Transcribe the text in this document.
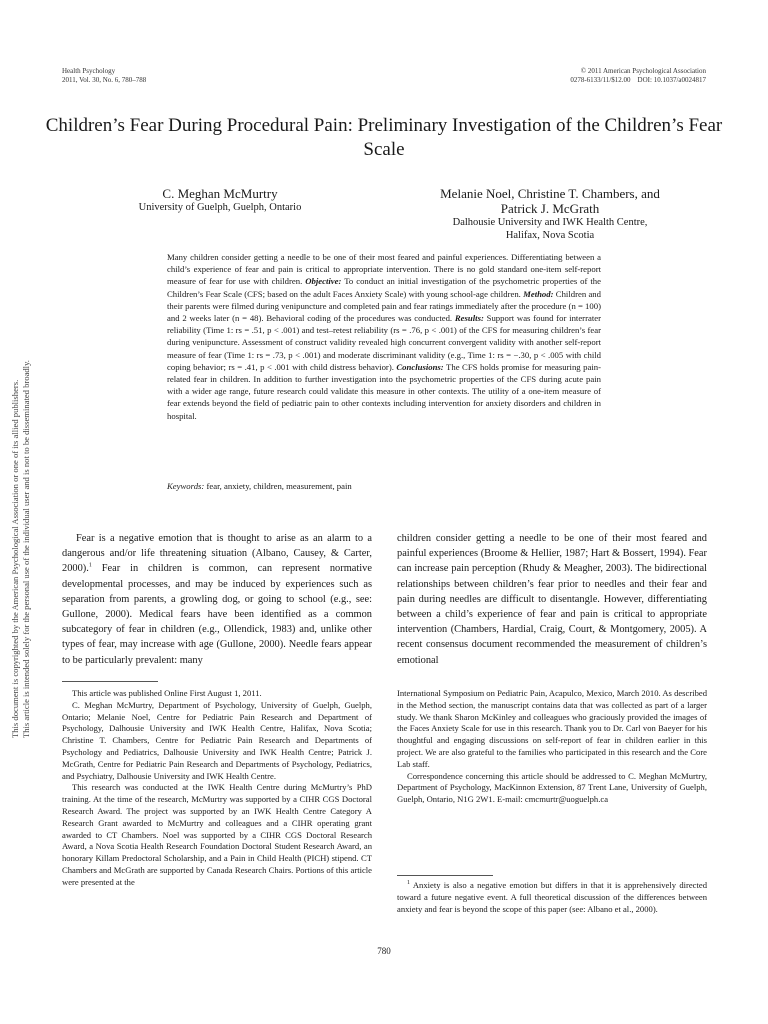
Health Psychology
2011, Vol. 30, No. 6, 780–788
© 2011 American Psychological Association
0278-6133/11/$12.00    DOI: 10.1037/a0024817
Children’s Fear During Procedural Pain: Preliminary Investigation of the Children’s Fear Scale
C. Meghan McMurtry
University of Guelph, Guelph, Ontario
Melanie Noel, Christine T. Chambers, and
Patrick J. McGrath
Dalhousie University and IWK Health Centre,
Halifax, Nova Scotia

Many children consider getting a needle to be one of their most feared and painful experiences. Differentiating between a child’s experience of fear and pain is critical to appropriate intervention. There is no gold standard one-item self-report measure of fear for use with children. Objective: To conduct an initial investigation of the psychometric properties of the Children’s Fear Scale (CFS; based on the adult Faces Anxiety Scale) with young school-age children. Method: Children and their parents were filmed during venipuncture and completed pain and fear ratings immediately after the procedure (n = 100) and 2 weeks later (n = 48). Behavioral coding of the procedures was conducted. Results: Support was found for interrater reliability (Time 1: rs = .51, p < .001) and test–retest reliability (rs = .76, p < .001) of the CFS for measuring children’s fear during venipuncture. Assessment of construct validity revealed high concurrent convergent validity with another self-report measure of fear (Time 1: rs = .73, p < .001) and moderate discriminant validity (e.g., Time 1: rs = −.30, p < .005 with child coping behavior; rs = .41, p < .001 with child distress behavior). Conclusions: The CFS holds promise for measuring pain-related fear in children. In addition to further investigation into the psychometric properties of the CFS during acute pain with a wider age range, future research could validate this measure in other contexts. The utility of a one-item measure of fear extends beyond the field of pediatric pain to other contexts including intervention for anxiety disorders and children in hospital.

Keywords: fear, anxiety, children, measurement, pain

Fear is a negative emotion that is thought to arise as an alarm to a dangerous and/or life threatening situation (Albano, Causey, & Carter, 2000).$^1$ Fear in children is common, can represent normative developmental processes, and may be induced by experiences such as separation from parents, a growling dog, or going to school (e.g., see: Gullone, 2000). Medical fears have been identified as a common subcategory of fear in children (e.g., Ollendick, 1983) and, unlike other types of fear, may increase with age (Gullone, 2000). Needle fears appear to be particularly prevalent: many

children consider getting a needle to be one of their most feared and painful experiences (Broome & Hellier, 1987; Hart & Bossert, 1994). Fear can increase pain perception (Rhudy & Meagher, 2003). The bidirectional relationships between children’s fear prior to needles and their fear and pain during needles are difficult to disentangle. However, differentiating between a child’s experience of fear and pain is critical to appropriate intervention (Chambers, Hardial, Craig, Court, & Montgomery, 2005). A recent consensus document recommended the measurement of children’s emotional

This article was published Online First August 1, 2011.

C. Meghan McMurtry, Department of Psychology, University of Guelph, Guelph, Ontario; Melanie Noel, Centre for Pediatric Pain Research and Department of Psychology, Dalhousie University and IWK Health Centre, Halifax, Nova Scotia; Christine T. Chambers, Centre for Pediatric Pain Research and Departments of Psychology and Pediatrics, Dalhousie University and IWK Health Centre; Patrick J. McGrath, Centre for Pediatric Pain Research and Departments of Psychology, Pediatrics, and Psychiatry, Dalhousie University and IWK Health Centre.

This research was conducted at the IWK Health Centre during McMurtry’s PhD training. At the time of the research, McMurtry was supported by a CIHR CGS Doctoral Research Award. The project was supported by an IWK Health Centre Category A Research Grant awarded to McMurtry and colleagues and a CIHR operating grant awarded to CT Chambers. Noel was supported by a CIHR CGS Doctoral Research Award, a Nova Scotia Health Research Foundation Doctoral Student Research Award, an honorary Killam Predoctoral Scholarship, and a Pain in Child Health (PICH) stipend. CT Chambers and McGrath are supported by Canada Research Chairs. Portions of this article were presented at the

International Symposium on Pediatric Pain, Acapulco, Mexico, March 2010. As described in the Method section, the manuscript contains data that was collected as part of a larger study. We thank Sharon McKinley and colleagues who graciously provided the images of the Faces Anxiety Scale for use in this research. Thank you to Dr. Carl von Baeyer for his thoughtful and engaging discussions on self-report of fear in children earlier in this project. We are also grateful to the families who participated in this research and the Core Lab staff.

Correspondence concerning this article should be addressed to C. Meghan McMurtry, Department of Psychology, MacKinnon Extension, 87 Trent Lane, University of Guelph, Guelph, Ontario, N1G 2W1. E-mail: cmcmurtr@uoguelph.ca

$^1$ Anxiety is also a negative emotion but differs in that it is apprehensively directed toward a future negative event. A full theoretical discussion of the differences between anxiety and fear is beyond the scope of this paper (see: Albano et al., 2000).

780
This document is copyrighted by the American Psychological Association or one of its allied publishers. This article is intended solely for the personal use of the individual user and is not to be disseminated broadly.
